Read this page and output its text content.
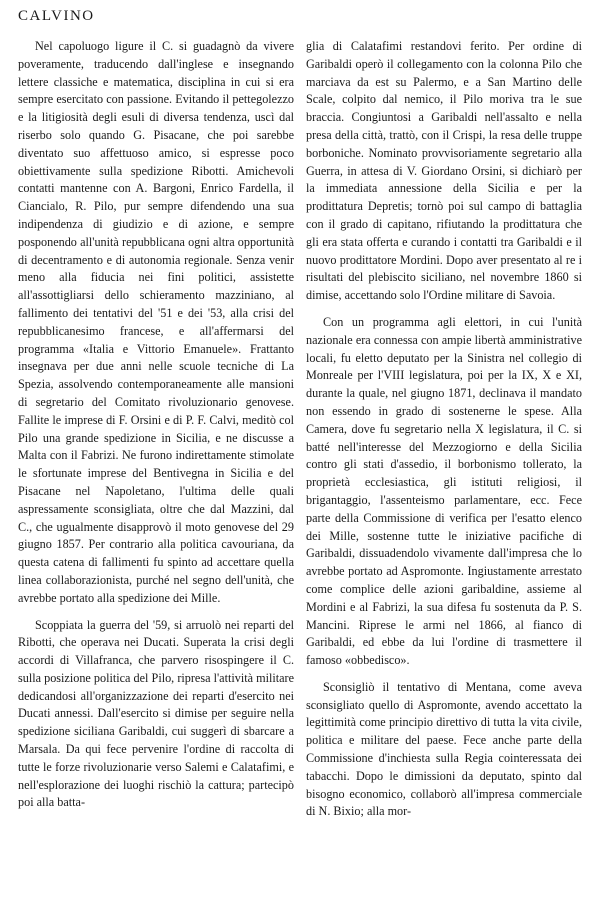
CALVINO

Nel capoluogo ligure il C. si guadagnò da vivere poveramente, traducendo dall'inglese e insegnando lettere classiche e matematica, disciplina in cui si era sempre esercitato con passione. Evitando il pettegolezzo e la litigiosità degli esuli di diversa tendenza, uscì dal riserbo solo quando G. Pisacane, che poi sarebbe diventato suo affettuoso amico, si espresse poco obiettivamente sulla spedizione Ribotti. Amichevoli contatti mantenne con A. Bargoni, Enrico Fardella, il Ciancialo, R. Pilo, pur sempre difendendo una sua indipendenza di giudizio e di azione, e sempre posponendo all'unità repubblicana ogni altra opportunità di decentramento e di autonomia regionale. Senza venir meno alla fiducia nei fini politici, assistette all'assottigliarsi dello schieramento mazziniano, al fallimento dei tentativi del '51 e dei '53, alla crisi del repubblicanesimo francese, e all'affermarsi del programma «Italia e Vittorio Emanuele». Frattanto insegnava per due anni nelle scuole tecniche di La Spezia, assolvendo contemporaneamente alle mansioni di segretario del Comitato rivoluzionario genovese. Fallite le imprese di F. Orsini e di P. F. Calvi, meditò col Pilo una grande spedizione in Sicilia, e ne discusse a Malta con il Fabrizi. Ne furono indirettamente stimolate le sfortunate imprese del Bentivegna in Sicilia e del Pisacane nel Napoletano, l'ultima delle quali aspressamente sconsigliata, oltre che dal Mazzini, dal C., che ugualmente disapprovò il moto genovese del 29 giugno 1857. Per contrario alla politica cavouriana, da questa catena di fallimenti fu spinto ad accettare quella linea collaborazionista, purché nel segno dell'unità, che avrebbe portato alla spedizione dei Mille.

Scoppiata la guerra del '59, si arruolò nei reparti del Ribotti, che operava nei Ducati. Superata la crisi degli accordi di Villafranca, che parvero risospingere il C. sulla posizione politica del Pilo, ripresa l'attività militare dedicandosi all'organizzazione dei reparti d'esercito nei Ducati annessi. Dall'esercito si dimise per seguire nella spedizione siciliana Garibaldi, cui suggerì di sbarcare a Marsala. Da qui fece pervenire l'ordine di raccolta di tutte le forze rivoluzionarie verso Salemi e Calatafimi, e nell'esplorazione dei luoghi rischiò la cattura; partecipò poi alla batta-

glia di Calatafimi restandovi ferito. Per ordine di Garibaldi operò il collegamento con la colonna Pilo che marciava da est su Palermo, e a San Martino delle Scale, colpito dal nemico, il Pilo moriva tra le sue braccia. Congiuntosi a Garibaldi nell'assalto e nella presa della città, trattò, con il Crispi, la resa delle truppe borboniche. Nominato provvisoriamente segretario alla Guerra, in attesa di V. Giordano Orsini, si dichiarò per la immediata annessione della Sicilia e per la prodittatura Depretis; tornò poi sul campo di battaglia con il grado di capitano, rifiutando la prodittatura che gli era stata offerta e curando i contatti tra Garibaldi e il nuovo prodittatore Mordini. Dopo aver presentato al re i risultati del plebiscito siciliano, nel novembre 1860 si dimise, accettando solo l'Ordine militare di Savoia.

Con un programma agli elettori, in cui l'unità nazionale era connessa con ampie libertà amministrative locali, fu eletto deputato per la Sinistra nel collegio di Monreale per l'VIII legislatura, poi per la IX, X e XI, durante la quale, nel giugno 1871, declinava il mandato non essendo in grado di sostenerne le spese. Alla Camera, dove fu segretario nella X legislatura, il C. si batté nell'interesse del Mezzogiorno e della Sicilia contro gli stati d'assedio, il borbonismo tollerato, la proprietà ecclesiastica, gli istituti religiosi, il brigantaggio, l'assenteismo parlamentare, ecc. Fece parte della Commissione di verifica per l'esatto elenco dei Mille, sostenne tutte le iniziative pacifiche di Garibaldi, dissuadendolo vivamente dall'impresa che lo avrebbe portato ad Aspromonte. Ingiustamente arrestato come complice delle azioni garibaldine, assieme al Mordini e al Fabrizi, la sua difesa fu sostenuta da P. S. Mancini. Riprese le armi nel 1866, al fianco di Garibaldi, ed ebbe da lui l'ordine di trasmettere il famoso «obbedisco».

Sconsigliò il tentativo di Mentana, come aveva sconsigliato quello di Aspromonte, avendo accettato la legittimità come principio direttivo di tutta la vita civile, politica e militare del paese. Fece anche parte della Commissione d'inchiesta sulla Regia cointeressata dei tabacchi. Dopo le dimissioni da deputato, spinto dal bisogno economico, collaborò all'impresa commerciale di N. Bixio; alla mor-
